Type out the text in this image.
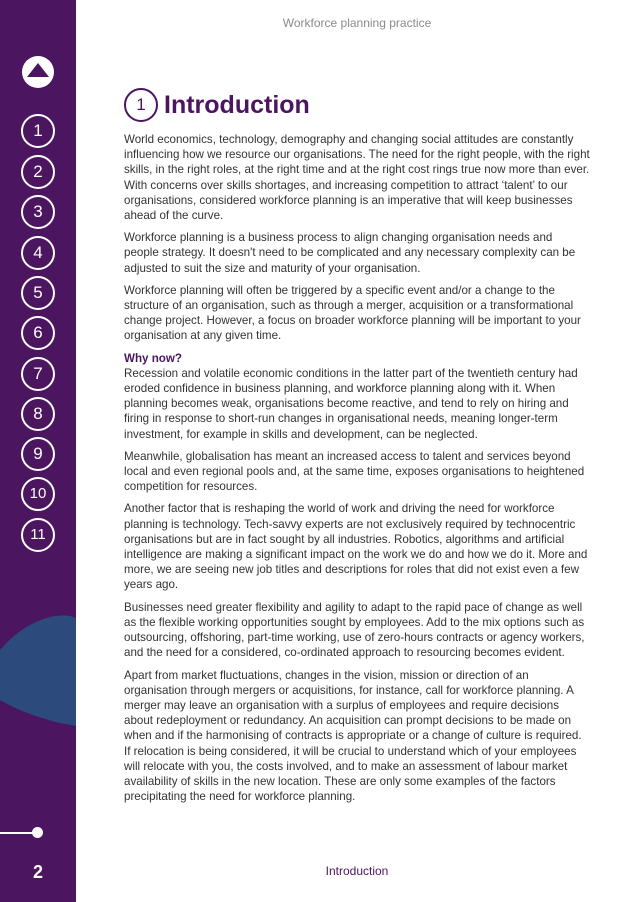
1
2
3
4
5
6
7
8
9
10
11
2
Workforce planning practice
1 Introduction

World economics, technology, demography and changing social attitudes are constantly influencing how we resource our organisations. The need for the right people, with the right skills, in the right roles, at the right time and at the right cost rings true now more than ever. With concerns over skills shortages, and increasing competition to attract ‘talent’ to our organisations, considered workforce planning is an imperative that will keep businesses ahead of the curve.

Workforce planning is a business process to align changing organisation needs and people strategy. It doesn't need to be complicated and any necessary complexity can be adjusted to suit the size and maturity of your organisation.

Workforce planning will often be triggered by a specific event and/or a change to the structure of an organisation, such as through a merger, acquisition or a transformational change project. However, a focus on broader workforce planning will be important to your organisation at any given time.

Why now?

Recession and volatile economic conditions in the latter part of the twentieth century had eroded confidence in business planning, and workforce planning along with it. When planning becomes weak, organisations become reactive, and tend to rely on hiring and firing in response to short-run changes in organisational needs, meaning longer-term investment, for example in skills and development, can be neglected.

Meanwhile, globalisation has meant an increased access to talent and services beyond local and even regional pools and, at the same time, exposes organisations to heightened competition for resources.

Another factor that is reshaping the world of work and driving the need for workforce planning is technology. Tech-savvy experts are not exclusively required by technocentric organisations but are in fact sought by all industries. Robotics, algorithms and artificial intelligence are making a significant impact on the work we do and how we do it. More and more, we are seeing new job titles and descriptions for roles that did not exist even a few years ago.

Businesses need greater flexibility and agility to adapt to the rapid pace of change as well as the flexible working opportunities sought by employees. Add to the mix options such as outsourcing, offshoring, part-time working, use of zero-hours contracts or agency workers, and the need for a considered, co-ordinated approach to resourcing becomes evident.

Apart from market fluctuations, changes in the vision, mission or direction of an organisation through mergers or acquisitions, for instance, call for workforce planning. A merger may leave an organisation with a surplus of employees and require decisions about redeployment or redundancy. An acquisition can prompt decisions to be made on when and if the harmonising of contracts is appropriate or a change of culture is required. If relocation is being considered, it will be crucial to understand which of your employees will relocate with you, the costs involved, and to make an assessment of labour market availability of skills in the new location. These are only some examples of the factors precipitating the need for workforce planning.

Introduction
